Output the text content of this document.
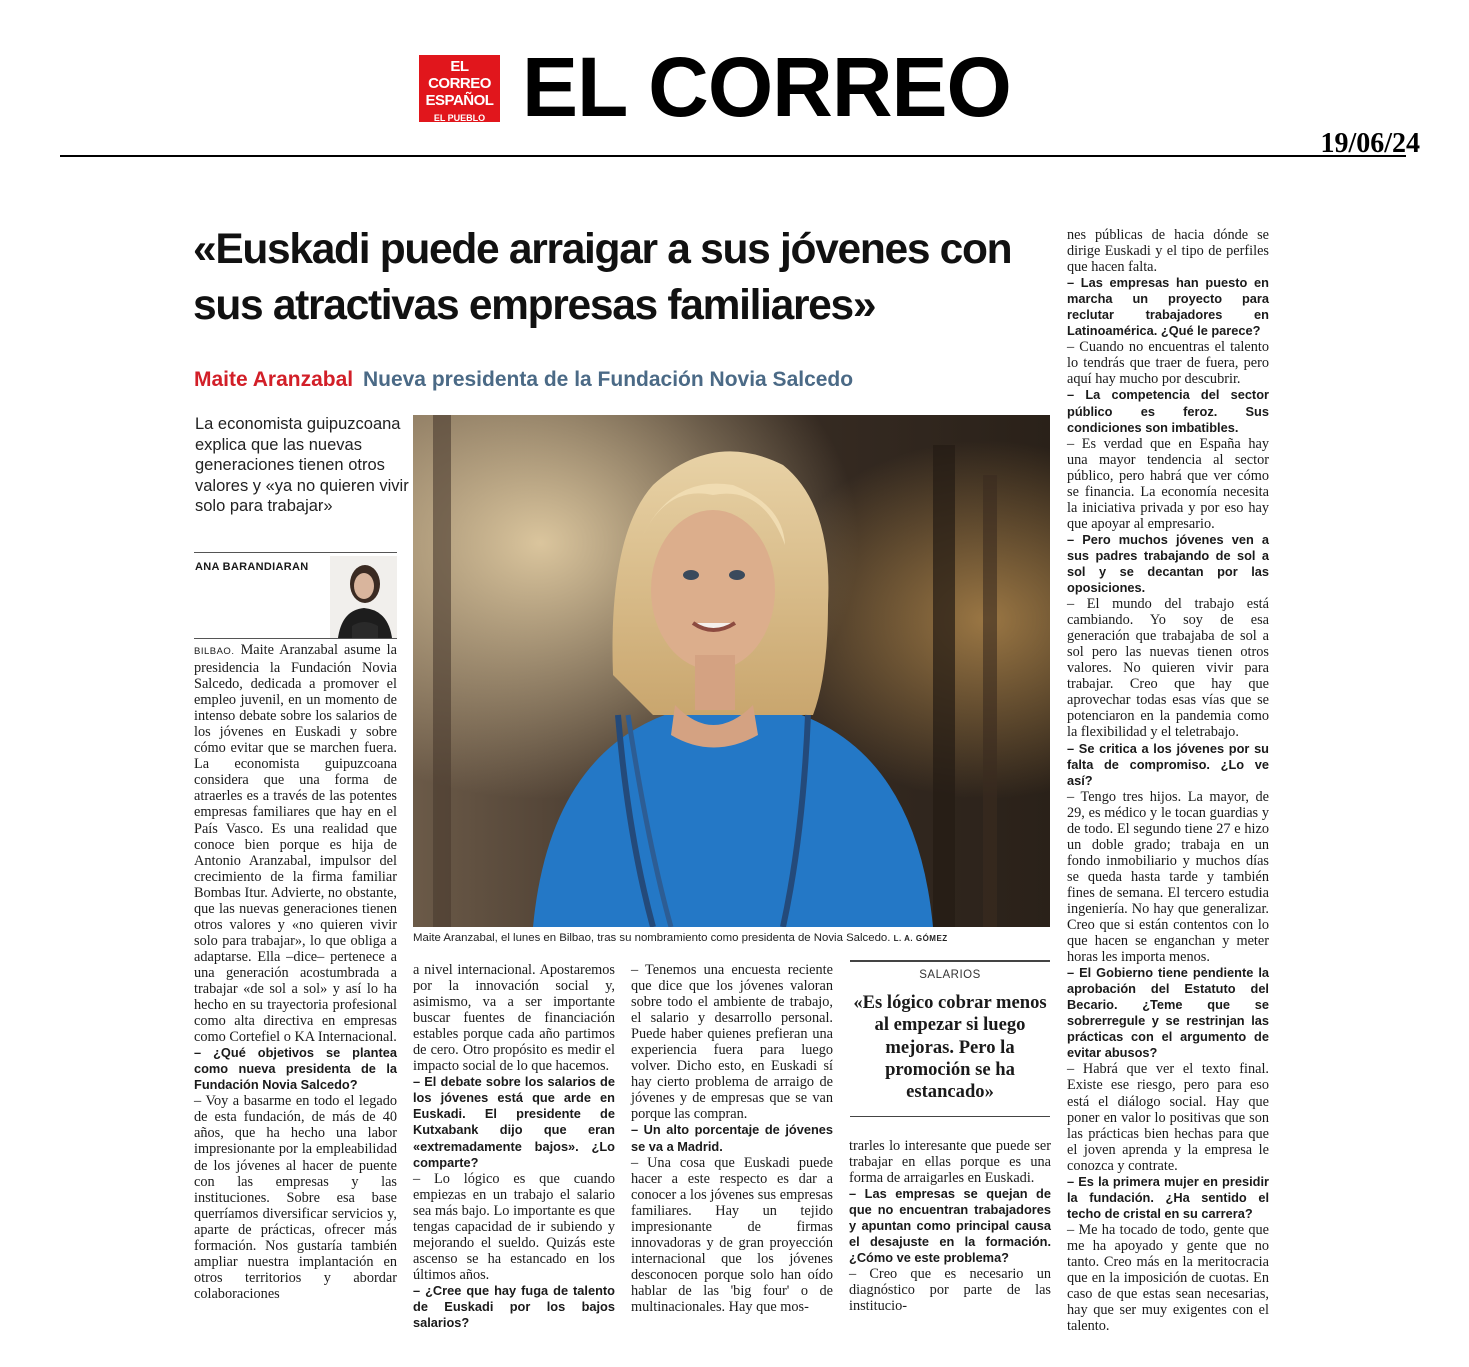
EL CORREO
ESPAÑOL
EL PUEBLO VASCO EL CORREO
19/06/24
«Euskadi puede arraigar a sus jóvenes con sus atractivas empresas familiares»
Maite Aranzabal Nueva presidenta de la Fundación Novia Salcedo
La economista guipuzcoana explica que las nuevas generaciones tienen otros valores y «ya no quieren vivir solo para trabajar»
ANA BARANDIARAN
Maite Aranzabal, el lunes en Bilbao, tras su nombramiento como presidenta de Novia Salcedo. L. A. GÓMEZ

BILBAO. Maite Aranzabal asume la presidencia la Fundación Novia Salcedo, dedicada a promover el empleo juvenil, en un momento de intenso debate sobre los salarios de los jóvenes en Euskadi y sobre cómo evitar que se marchen fuera. La economista guipuzcoana considera que una forma de atraerles es a través de las potentes empresas familiares que hay en el País Vasco. Es una realidad que conoce bien porque es hija de Antonio Aranzabal, impulsor del crecimiento de la firma familiar Bombas Itur. Advierte, no obstante, que las nuevas generaciones tienen otros valores y «no quieren vivir solo para trabajar», lo que obliga a adaptarse. Ella –dice– pertenece a una generación acostumbrada a trabajar «de sol a sol» y así lo ha hecho en su trayectoria profesional como alta directiva en empresas como Cortefiel o KA Internacional.

– ¿Qué objetivos se plantea como nueva presidenta de la Fundación Novia Salcedo?

– Voy a basarme en todo el legado de esta fundación, de más de 40 años, que ha hecho una labor impresionante por la empleabilidad de los jóvenes al hacer de puente con las empresas y las instituciones. Sobre esa base querríamos diversificar servicios y, aparte de prácticas, ofrecer más formación. Nos gustaría también ampliar nuestra implantación en otros territorios y abordar colaboraciones

a nivel internacional. Apostaremos por la innovación social y, asimismo, va a ser importante buscar fuentes de financiación estables porque cada año partimos de cero. Otro propósito es medir el impacto social de lo que hacemos.

– El debate sobre los salarios de los jóvenes está que arde en Euskadi. El presidente de Kutxabank dijo que eran «extremadamente bajos». ¿Lo comparte?

– Lo lógico es que cuando empiezas en un trabajo el salario sea más bajo. Lo importante es que tengas capacidad de ir subiendo y mejorando el sueldo. Quizás este ascenso se ha estancado en los últimos años.

– ¿Cree que hay fuga de talento de Euskadi por los bajos salarios?

– Tenemos una encuesta reciente que dice que los jóvenes valoran sobre todo el ambiente de trabajo, el salario y desarrollo personal. Puede haber quienes prefieran una experiencia fuera para luego volver. Dicho esto, en Euskadi sí hay cierto problema de arraigo de jóvenes y de empresas que se van porque las compran.

– Un alto porcentaje de jóvenes se va a Madrid.

– Una cosa que Euskadi puede hacer a este respecto es dar a conocer a los jóvenes sus empresas familiares. Hay un tejido impresionante de firmas innovadoras y de gran proyección internacional que los jóvenes desconocen porque solo han oído hablar de las 'big four' o de multinacionales. Hay que mos-

SALARIOS
«Es lógico cobrar menos al empezar si luego mejoras. Pero la promoción se ha estancado»

trarles lo interesante que puede ser trabajar en ellas porque es una forma de arraigarles en Euskadi.

– Las empresas se quejan de que no encuentran trabajadores y apuntan como principal causa el desajuste en la formación. ¿Cómo ve este problema?

– Creo que es necesario un diagnóstico por parte de las institucio-

nes públicas de hacia dónde se dirige Euskadi y el tipo de perfiles que hacen falta.

– Las empresas han puesto en marcha un proyecto para reclutar trabajadores en Latinoamérica. ¿Qué le parece?

– Cuando no encuentras el talento lo tendrás que traer de fuera, pero aquí hay mucho por descubrir.

– La competencia del sector público es feroz. Sus condiciones son imbatibles.

– Es verdad que en España hay una mayor tendencia al sector público, pero habrá que ver cómo se financia. La economía necesita la iniciativa privada y por eso hay que apoyar al empresario.

– Pero muchos jóvenes ven a sus padres trabajando de sol a sol y se decantan por las oposiciones.

– El mundo del trabajo está cambiando. Yo soy de esa generación que trabajaba de sol a sol pero las nuevas tienen otros valores. No quieren vivir para trabajar. Creo que hay que aprovechar todas esas vías que se potenciaron en la pandemia como la flexibilidad y el teletrabajo.

– Se critica a los jóvenes por su falta de compromiso. ¿Lo ve así?

– Tengo tres hijos. La mayor, de 29, es médico y le tocan guardias y de todo. El segundo tiene 27 e hizo un doble grado; trabaja en un fondo inmobiliario y muchos días se queda hasta tarde y también fines de semana. El tercero estudia ingeniería. No hay que generalizar. Creo que si están contentos con lo que hacen se enganchan y meter horas les importa menos.

– El Gobierno tiene pendiente la aprobación del Estatuto del Becario. ¿Teme que se sobrerregule y se restrinjan las prácticas con el argumento de evitar abusos?

– Habrá que ver el texto final. Existe ese riesgo, pero para eso está el diálogo social. Hay que poner en valor lo positivas que son las prácticas bien hechas para que el joven aprenda y la empresa le conozca y contrate.

– Es la primera mujer en presidir la fundación. ¿Ha sentido el techo de cristal en su carrera?

– Me ha tocado de todo, gente que me ha apoyado y gente que no tanto. Creo más en la meritocracia que en la imposición de cuotas. En caso de que estas sean necesarias, hay que ser muy exigentes con el talento.
